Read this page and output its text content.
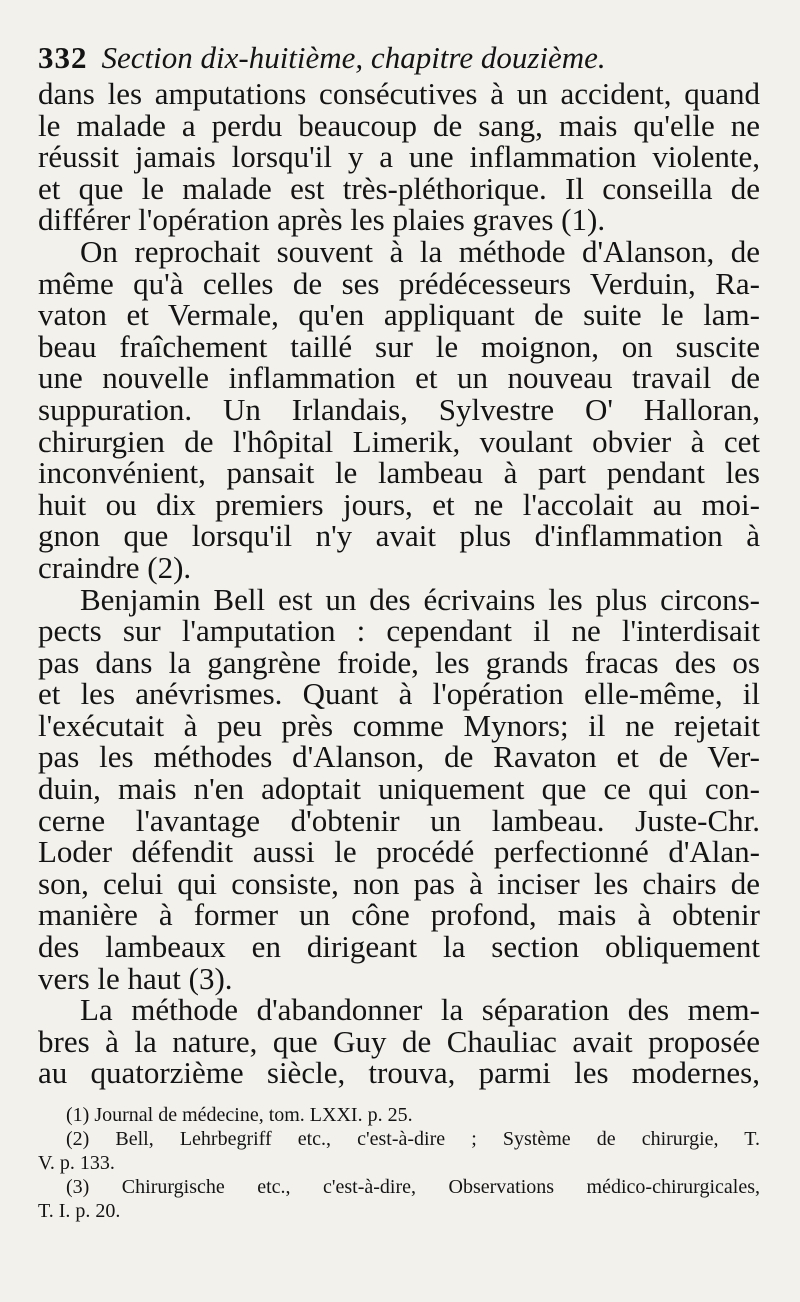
332 Section dix-huitième, chapitre douzième.
dans les amputations consécutives à un accident, quand
le malade a perdu beaucoup de sang, mais qu'elle ne
réussit jamais lorsqu'il y a une inflammation violente,
et que le malade est très-pléthorique. Il conseilla de
différer l'opération après les plaies graves (1).
On reprochait souvent à la méthode d'Alanson, de
même qu'à celles de ses prédécesseurs Verduin, Ra-
vaton et Vermale, qu'en appliquant de suite le lam-
beau fraîchement taillé sur le moignon, on suscite
une nouvelle inflammation et un nouveau travail de
suppuration. Un Irlandais, Sylvestre O' Halloran,
chirurgien de l'hôpital Limerik, voulant obvier à cet
inconvénient, pansait le lambeau à part pendant les
huit ou dix premiers jours, et ne l'accolait au moi-
gnon que lorsqu'il n'y avait plus d'inflammation à
craindre (2).
Benjamin Bell est un des écrivains les plus circons-
pects sur l'amputation : cependant il ne l'interdisait
pas dans la gangrène froide, les grands fracas des os
et les anévrismes. Quant à l'opération elle-même, il
l'exécutait à peu près comme Mynors; il ne rejetait
pas les méthodes d'Alanson, de Ravaton et de Ver-
duin, mais n'en adoptait uniquement que ce qui con-
cerne l'avantage d'obtenir un lambeau. Juste-Chr.
Loder défendit aussi le procédé perfectionné d'Alan-
son, celui qui consiste, non pas à inciser les chairs de
manière à former un cône profond, mais à obtenir
des lambeaux en dirigeant la section obliquement
vers le haut (3).
La méthode d'abandonner la séparation des mem-
bres à la nature, que Guy de Chauliac avait proposée
au quatorzième siècle, trouva, parmi les modernes,
(1) Journal de médecine, tom. LXXI. p. 25.
(2) Bell, Lehrbegriff etc., c'est-à-dire ; Système de chirurgie, T.
V. p. 133.
(3) Chirurgische etc., c'est-à-dire, Observations médico-chirurgicales,
T. I. p. 20.
